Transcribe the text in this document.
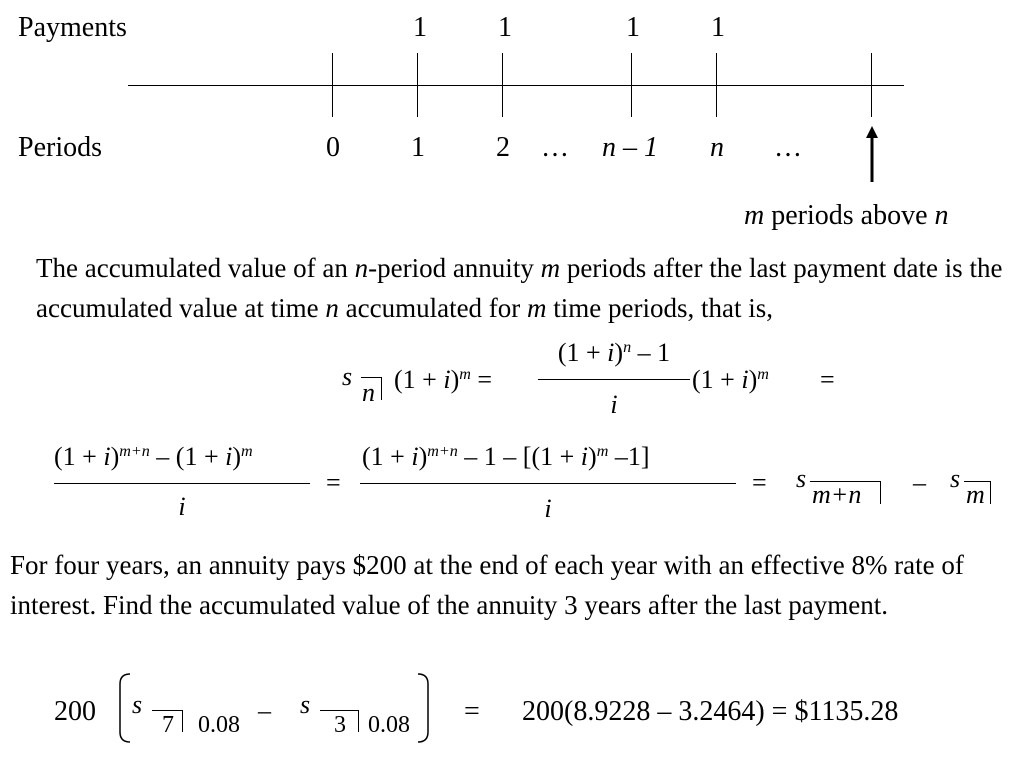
Payments
Periods
1	1	1	1
0	1	2 …	n – 1	n	…
m periods above n
The accumulated value of an n-period annuity m periods after the last payment date is the accumulated value at time n accumulated for m time periods, that is,
s
n $(1 + i)^m$ =
$(1 + i)^n - 1$
i
$(1 + i)^m$ =
$(1 + i)^{m+n} - (1 + i)^m$
i
=
$(1 + i)^{m+n} - 1 - [(1 + i)^m$ –1]
i
= s
m+n – s
m
For four years, an annuity pays $200 at the end of each year with an effective 8% rate of interest. Find the accumulated value of the annuity 3 years after the last payment.
200 s
7 0.08 – s
3 0.08 = 200(8.9228 – 3.2464) = $1135.28
